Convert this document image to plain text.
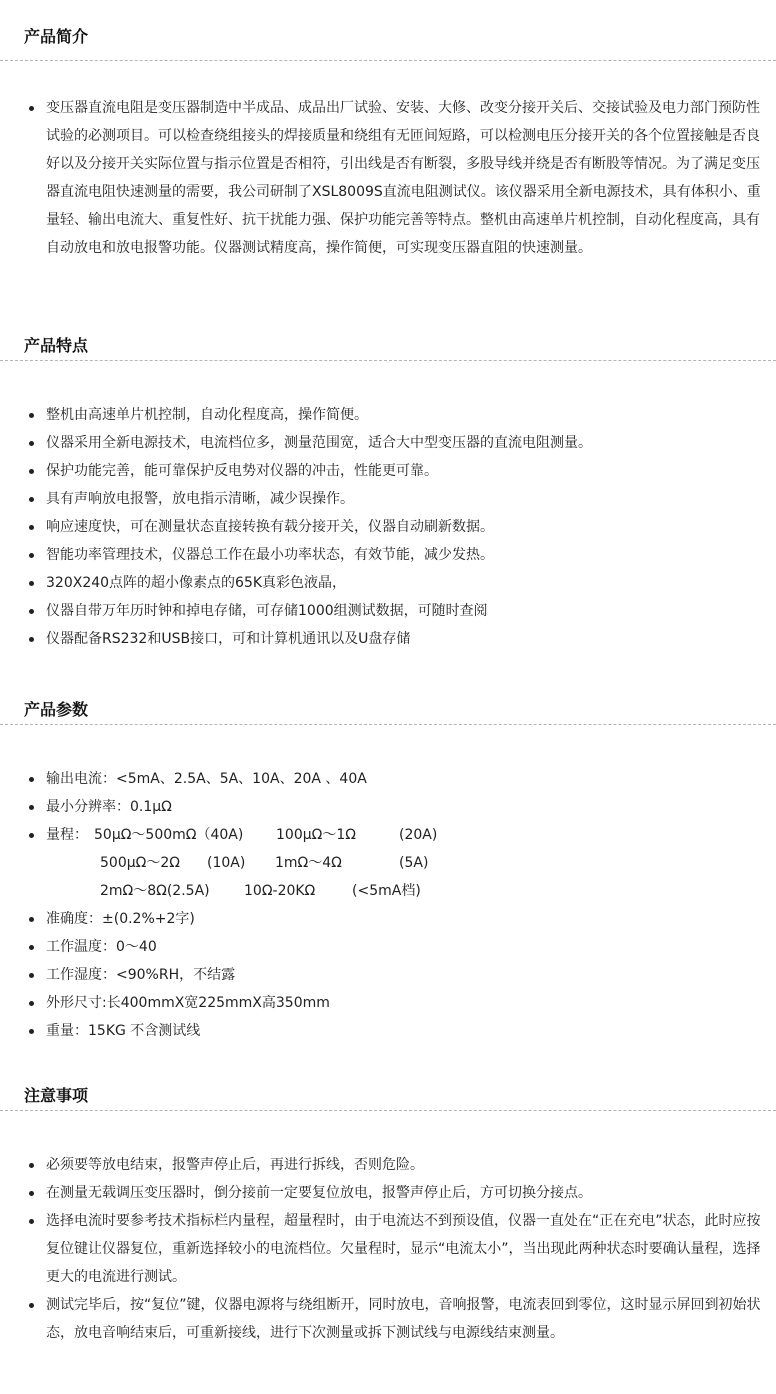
产品简介
变压器直流电阻是变压器制造中半成品、成品出厂试验、安装、大修、改变分接开关后、交接试验及电力部门预防性试验的必测项目。可以检查绕组接头的焊接质量和绕组有无匝间短路，可以检测电压分接开关的各个位置接触是否良好以及分接开关实际位置与指示位置是否相符，引出线是否有断裂，多股导线并绕是否有断股等情况。为了满足变压器直流电阻快速测量的需要，我公司研制了XSL8009S直流电阻测试仪。该仪器采用全新电源技术，具有体积小、重量轻、输出电流大、重复性好、抗干扰能力强、保护功能完善等特点。整机由高速单片机控制，自动化程度高，具有自动放电和放电报警功能。仪器测试精度高，操作简便，可实现变压器直阻的快速测量。
产品特点
整机由高速单片机控制，自动化程度高，操作简便。
仪器采用全新电源技术，电流档位多，测量范围宽，适合大中型变压器的直流电阻测量。
保护功能完善，能可靠保护反电势对仪器的冲击，性能更可靠。
具有声响放电报警，放电指示清晰，减少误操作。
响应速度快，可在测量状态直接转换有载分接开关，仪器自动刷新数据。
智能功率管理技术，仪器总工作在最小功率状态，有效节能，减少发热。
320X240点阵的超小像素点的65K真彩色液晶，
仪器自带万年历时钟和掉电存储，可存储1000组测试数据，可随时查阅
仪器配备RS232和USB接口，可和计算机通讯以及U盘存储
产品参数
输出电流：<5mA、2.5A、5A、10A、20A 、40A
最小分辨率：0.1μΩ
量程： 50μΩ～500mΩ（40A) 100μΩ～1Ω	(20A)
500μΩ～2Ω (10A) 1mΩ～4Ω	(5A)
2mΩ～8Ω(2.5A) 10Ω-20KΩ	(<5mA档)
准确度：±(0.2%+2字)
工作温度：0～40
工作湿度：<90%RH，不结露
外形尺寸:长400mmX宽225mmX高350mm
重量：15KG 不含测试线
注意事项
必须要等放电结束，报警声停止后，再进行拆线，否则危险。
在测量无载调压变压器时，倒分接前一定要复位放电，报警声停止后，方可切换分接点。
选择电流时要参考技术指标栏内量程，超量程时，由于电流达不到预设值，仪器一直处在“正在充电”状态，此时应按复位键让仪器复位，重新选择较小的电流档位。欠量程时，显示“电流太小”，当出现此两种状态时要确认量程，选择更大的电流进行测试。
测试完毕后，按“复位”键，仪器电源将与绕组断开，同时放电，音响报警，电流表回到零位，这时显示屏回到初始状态，放电音响结束后，可重新接线，进行下次测量或拆下测试线与电源线结束测量。
